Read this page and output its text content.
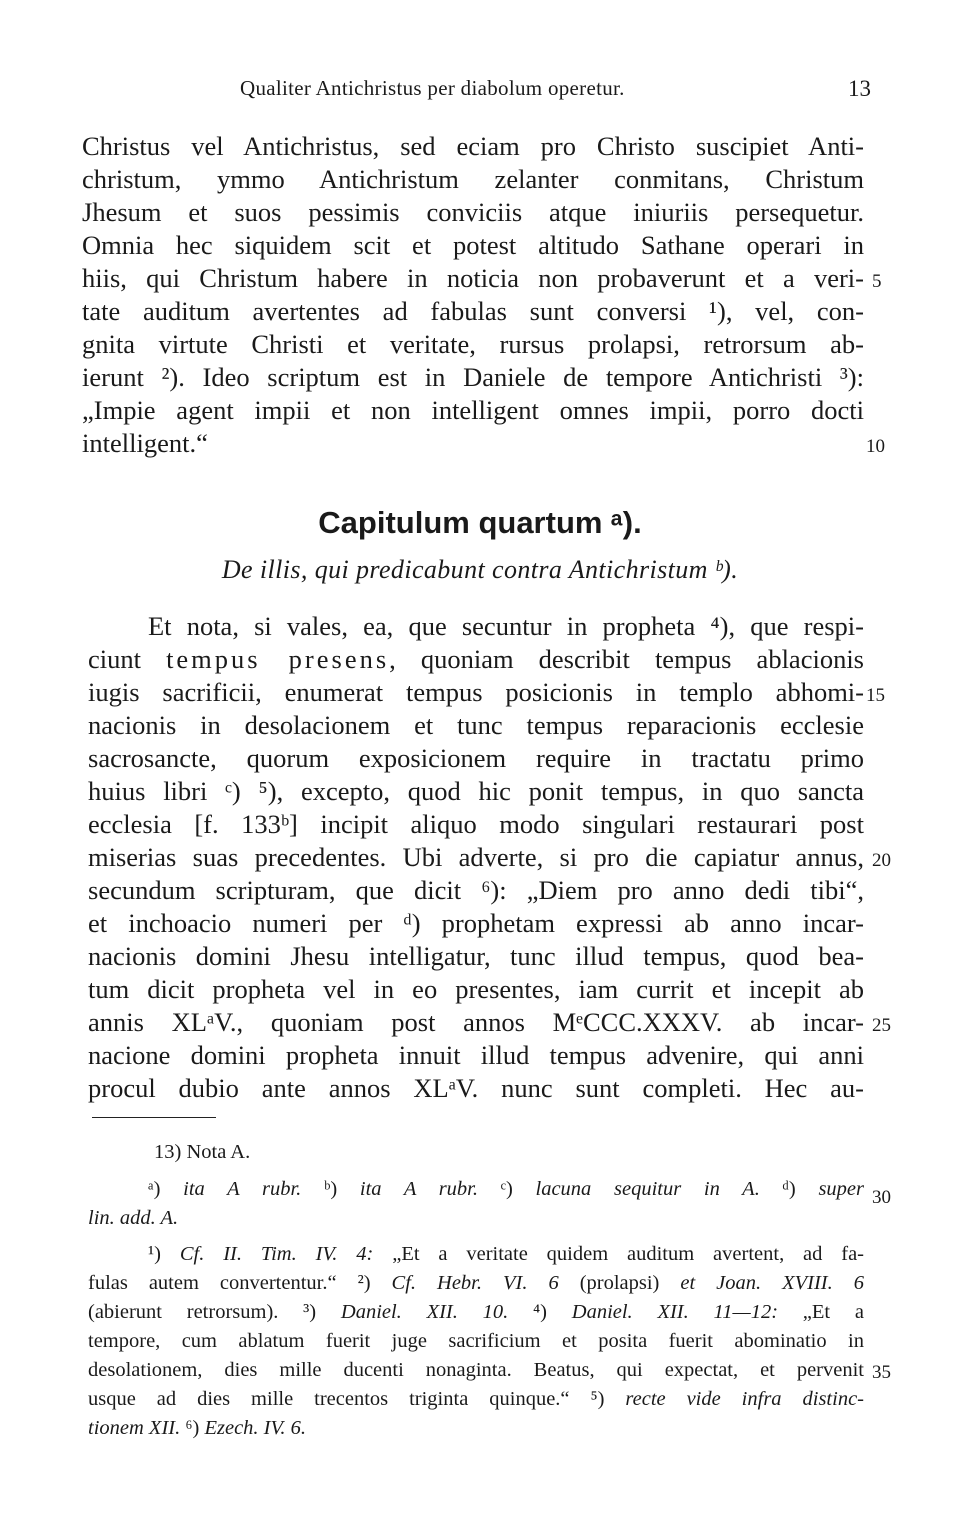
Qualiter Antichristus per diabolum operetur.	13
Christus vel Antichristus, sed eciam pro Christo suscipiet Anti-
christum, ymmo Antichristum zelanter conmitans, Christum
Jhesum et suos pessimis conviciis atque iniuriis persequetur.
Omnia hec siquidem scit et potest altitudo Sathane operari in
hiis, qui Christum habere in noticia non probaverunt et a veri-
tate auditum avertentes ad fabulas sunt conversi ¹), vel, con-
gnita virtute Christi et veritate, rursus prolapsi, retrorsum ab-
ierunt ²). Ideo scriptum est in Daniele de tempore Antichristi ³):
„Impie agent impii et non intelligent omnes impii, porro docti
intelligent.“
Capitulum quartum ᵃ).
De illis, qui predicabunt contra Antichristum ᵇ).
Et nota, si vales, ea, que secuntur in propheta ⁴), que respi-
ciunt tempus presens, quoniam describit tempus ablacionis
iugis sacrificii, enumerat tempus posicionis in templo abhomi-
nacionis in desolacionem et tunc tempus reparacionis ecclesie
sacrosancte, quorum exposicionem require in tractatu primo
huius libri ᶜ) ⁵), excepto, quod hic ponit tempus, in quo sancta
ecclesia [f. 133ᵇ] incipit aliquo modo singulari restaurari post
miserias suas precedentes. Ubi adverte, si pro die capiatur annus,
secundum scripturam, que dicit ⁶): „Diem pro anno dedi tibi“,
et inchoacio numeri per ᵈ) prophetam expressi ab anno incar-
nacionis domini Jhesu intelligatur, tunc illud tempus, quod bea-
tum dicit propheta vel in eo presentes, iam currit et incepit ab
annis XLᵃV., quoniam post annos MᵉCCC.XXXV. ab incar-
nacione domini propheta innuit illud tempus advenire, qui anni
procul dubio ante annos XLᵃV. nunc sunt completi. Hec au-
5
10
15
20
25
30
35
13) Nota A.
ᵃ) ita A rubr. ᵇ) ita A rubr. ᶜ) lacuna sequitur in A. ᵈ) super
lin. add. A.
¹) Cf. II. Tim. IV. 4: „Et a veritate quidem auditum avertent, ad fa-
fulas autem convertentur.“ ²) Cf. Hebr. VI. 6 (prolapsi) et Joan. XVIII. 6
(abierunt retrorsum). ³) Daniel. XII. 10. ⁴) Daniel. XII. 11—12: „Et a
tempore, cum ablatum fuerit juge sacrificium et posita fuerit abominatio in
desolationem, dies mille ducenti nonaginta. Beatus, qui expectat, et pervenit
usque ad dies mille trecentos triginta quinque.“ ⁵) recte vide infra distinc-
tionem XII. ⁶) Ezech. IV. 6.
